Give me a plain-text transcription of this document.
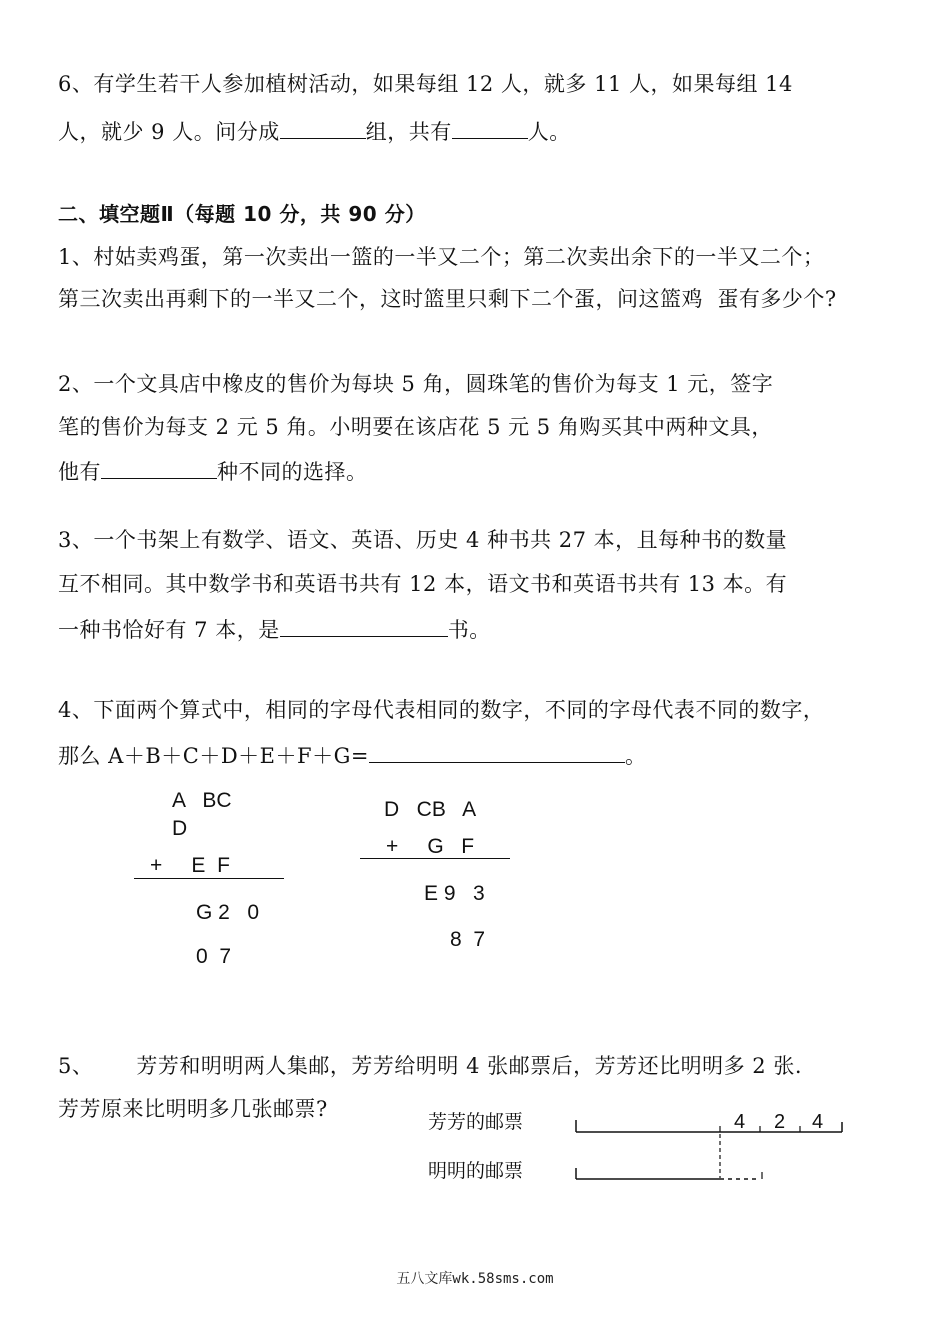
6、有学生若干人参加植树活动，如果每组 12 人，就多 11 人，如果每组 14
人，就少 9 人。问分成	组，共有	人。
二、填空题Ⅱ（每题 10 分，共 90 分）
1、村姑卖鸡蛋，第一次卖出一篮的一半又二个；第二次卖出余下的一半又二个；
第三次卖出再剩下的一半又二个，这时篮里只剩下二个蛋，问这篮鸡  蛋有多少个?
2、一个文具店中橡皮的售价为每块 5 角，圆珠笔的售价为每支 1 元，签字
笔的售价为每支 2 元 5 角。小明要在该店花 5 元 5 角购买其中两种文具，
他有	种不同的选择。
3、一个书架上有数学、语文、英语、历史 4 种书共 27 本，且每种书的数量
互不相同。其中数学书和英语书共有 12 本，语文书和英语书共有 13 本。有
一种书恰好有 7 本，是	书。
4、下面两个算式中，相同的字母代表相同的数字，不同的字母代表不同的数字，
那么 A＋B＋C＋D＋E＋F＋G=	。
A   BC
D
+     E  F
G 2   0
0  7
D   CB   A
+     G   F
E 9   3
8  7
5、      芳芳和明明两人集邮，芳芳给明明 4 张邮票后，芳芳还比明明多 2 张.
芳芳原来比明明多几张邮票?
芳芳的邮票
明明的邮票
4 2 4
五八文库wk.58sms.com
